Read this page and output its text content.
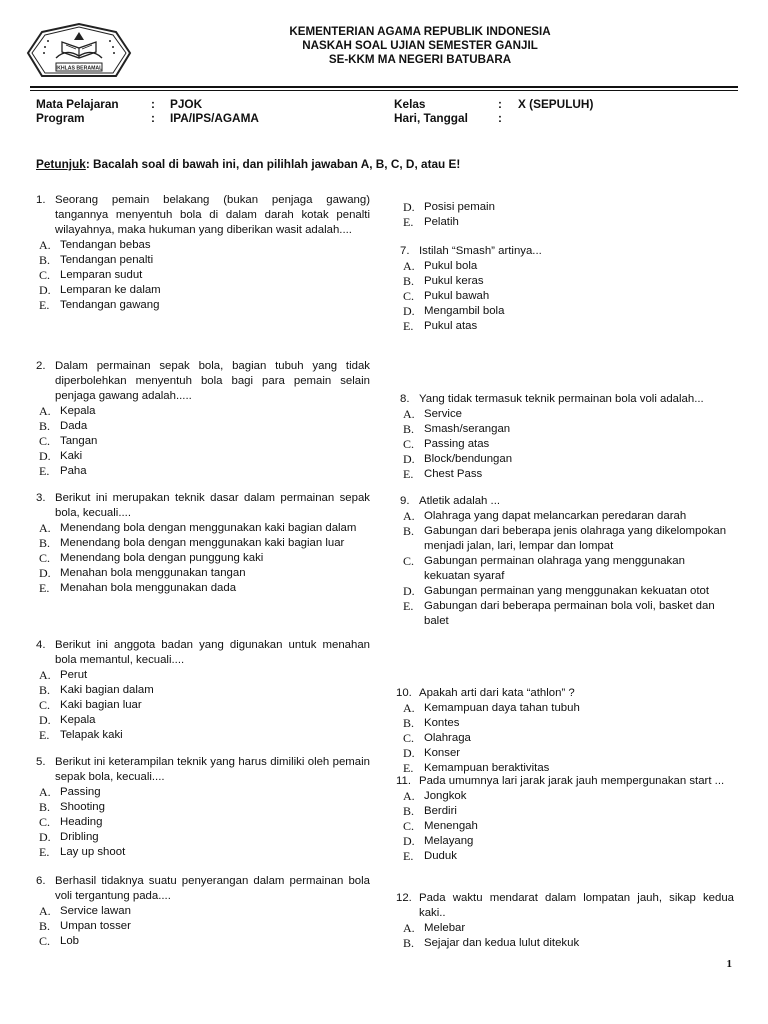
IKHLAS BERAMAL
KEMENTERIAN AGAMA REPUBLIK INDONESIA
NASKAH SOAL UJIAN SEMESTER GANJIL
SE-KKM MA NEGERI BATUBARA
Mata Pelajaran	: PJOK
Program	: IPA/IPS/AGAMA
Kelas	: X (SEPULUH)
Hari, Tanggal	:
Petunjuk: Bacalah soal di bawah ini, dan pilihlah jawaban A, B, C, D, atau E!
1. Seorang pemain belakang (bukan penjaga gawang) tangannya menyentuh bola di dalam darah kotak penalti wilayahnya, maka hukuman yang diberikan wasit adalah....
A. Tendangan bebas
B. Tendangan penalti
C. Lemparan sudut
D. Lemparan ke dalam
E. Tendangan gawang
2. Dalam permainan sepak bola, bagian tubuh yang tidak diperbolehkan menyentuh bola bagi para pemain selain penjaga gawang adalah.....
A. Kepala
B. Dada
C. Tangan
D. Kaki
E. Paha
3. Berikut ini merupakan teknik dasar dalam permainan sepak bola, kecuali....
A. Menendang bola dengan menggunakan kaki bagian dalam
B. Menendang bola dengan menggunakan kaki bagian luar
C. Menendang bola dengan punggung kaki
D. Menahan bola menggunakan tangan
E. Menahan bola menggunakan dada
4. Berikut ini anggota badan yang digunakan untuk menahan bola memantul, kecuali....
A. Perut
B. Kaki bagian dalam
C. Kaki bagian luar
D. Kepala
E. Telapak kaki
5. Berikut ini keterampilan teknik yang harus dimiliki oleh pemain sepak bola, kecuali....
A. Passing
B. Shooting
C. Heading
D. Dribling
E. Lay up shoot
6. Berhasil tidaknya suatu penyerangan dalam permainan bola voli tergantung pada....
A. Service lawan
B. Umpan tosser
C. Lob
D. Posisi pemain
E. Pelatih
7. Istilah “Smash” artinya...
A. Pukul bola
B. Pukul keras
C. Pukul bawah
D. Mengambil bola
E. Pukul atas
8. Yang tidak termasuk teknik permainan bola voli adalah...
A. Service
B. Smash/serangan
C. Passing atas
D. Block/bendungan
E. Chest Pass
9. Atletik adalah ...
A. Olahraga yang dapat melancarkan peredaran darah
B. Gabungan dari beberapa jenis olahraga yang dikelompokan menjadi jalan, lari, lempar dan lompat
C. Gabungan permainan olahraga yang menggunakan kekuatan syaraf
D. Gabungan permainan yang menggunakan kekuatan otot
E. Gabungan dari beberapa permainan bola voli, basket dan balet
10. Apakah arti dari kata “athlon” ?
A. Kemampuan daya tahan tubuh
B. Kontes
C. Olahraga
D. Konser
E. Kemampuan beraktivitas
11. Pada umumnya lari jarak jarak jauh mempergunakan start ...
A. Jongkok
B. Berdiri
C. Menengah
D. Melayang
E. Duduk
12. Pada waktu mendarat dalam lompatan jauh, sikap kedua kaki..
A. Melebar
B. Sejajar dan kedua lulut ditekuk
1
